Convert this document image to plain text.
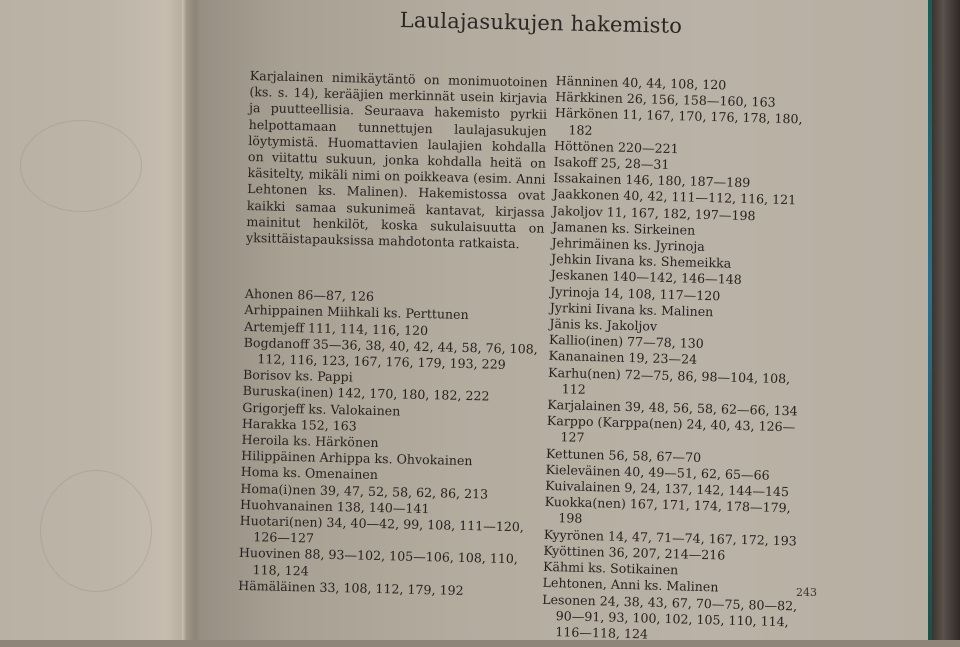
Laulajasukujen hakemisto

Karjalainen nimikäytäntö on monimuotoinen (ks. s. 14), kerääjien merkinnät usein kirjavia ja puutteellisia. Seuraava hakemisto pyrkii helpottamaan tunnettujen laulajasukujen löytymistä. Huomattavien laulajien kohdalla on viitattu sukuun, jonka kohdalla heitä on käsitelty, mikäli nimi on poikkeava (esim. Anni Lehtonen ks. Malinen). Hakemistossa ovat kaikki samaa sukunimeä kantavat, kirjassa mainitut henkilöt, koska sukulaisuutta on yksittäistapauksissa mahdotonta ratkaista.

Ahonen 86—87, 126

Arhippainen Miihkali ks. Perttunen

Artemjeff 111, 114, 116, 120

Bogdanoff 35—36, 38, 40, 42, 44, 58, 76, 108, 112, 116, 123, 167, 176, 179, 193, 229

Borisov ks. Pappi

Buruska(inen) 142, 170, 180, 182, 222

Grigorjeff ks. Valokainen

Harakka 152, 163

Heroila ks. Härkönen

Hilippäinen Arhippa ks. Ohvokainen

Homa ks. Omenainen

Homa(i)nen 39, 47, 52, 58, 62, 86, 213

Huohvanainen 138, 140—141

Huotari(nen) 34, 40—42, 99, 108, 111—120, 126—127

Huovinen 88, 93—102, 105—106, 108, 110, 118, 124

Hämäläinen 33, 108, 112, 179, 192

Hänninen 40, 44, 108, 120

Härkkinen 26, 156, 158—160, 163

Härkönen 11, 167, 170, 176, 178, 180, 182

Höttönen 220—221

Isakoff 25, 28—31

Issakainen 146, 180, 187—189

Jaakkonen 40, 42, 111—112, 116, 121

Jakoljov 11, 167, 182, 197—198

Jamanen ks. Sirkeinen

Jehrimäinen ks. Jyrinoja

Jehkin Iivana ks. Shemeikka

Jeskanen 140—142, 146—148

Jyrinoja 14, 108, 117—120

Jyrkini Iivana ks. Malinen

Jänis ks. Jakoljov

Kallio(inen) 77—78, 130

Kananainen 19, 23—24

Karhu(nen) 72—75, 86, 98—104, 108, 112

Karjalainen 39, 48, 56, 58, 62—66, 134

Karppo (Karppa(nen) 24, 40, 43, 126—127

Kettunen 56, 58, 67—70

Kieleväinen 40, 49—51, 62, 65—66

Kuivalainen 9, 24, 137, 142, 144—145

Kuokka(nen) 167, 171, 174, 178—179, 198

Kyyrönen 14, 47, 71—74, 167, 172, 193

Kyöttinen 36, 207, 214—216

Kähmi ks. Sotikainen

Lehtonen, Anni ks. Malinen

Lesonen 24, 38, 43, 67, 70—75, 80—82, 90—91, 93, 100, 102, 105, 110, 114, 116—118, 124

243
